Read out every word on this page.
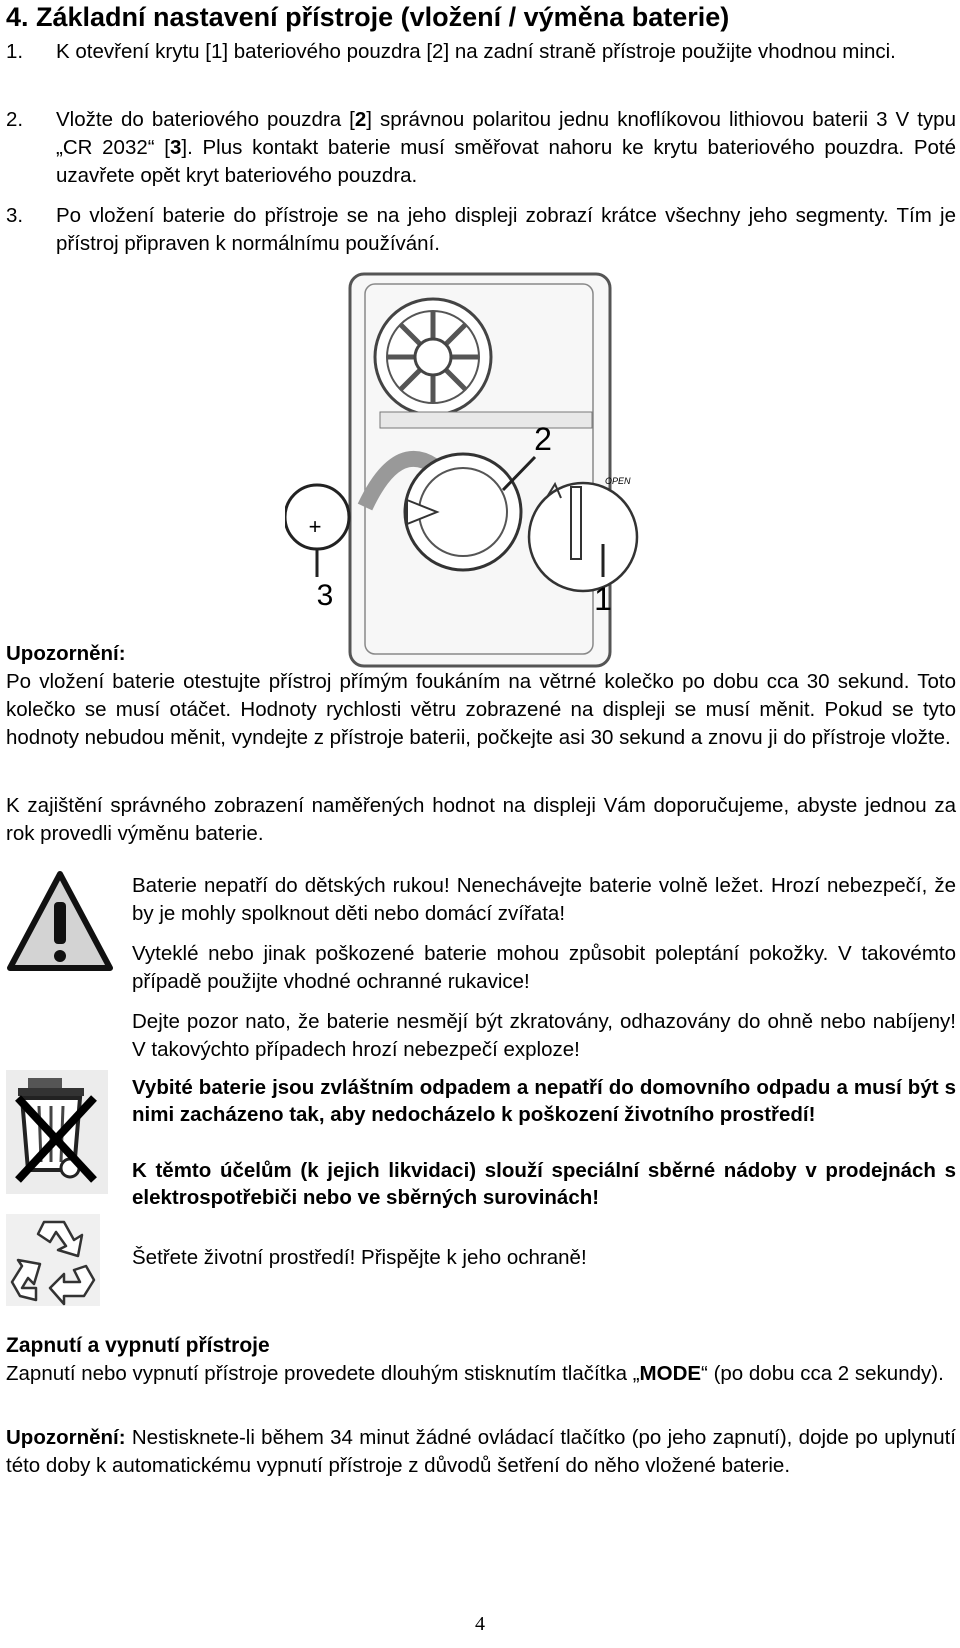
4. Základní nastavení přístroje (vložení / výměna baterie)
1. K otevření krytu [1] bateriového pouzdra [2] na zadní straně přístroje použijte vhodnou minci.
2. Vložte do bateriového pouzdra [2] správnou polaritou jednu knoflíkovou lithiovou baterii 3 V typu „CR 2032“ [3]. Plus kontakt baterie musí směřovat nahoru ke krytu bateriového pouzdra. Poté uzavřete opět kryt bateriového pouzdra.
3. Po vložení baterie do přístroje se na jeho displeji zobrazí krátce všechny jeho segmenty. Tím je přístroj připraven k normálnímu používání.
+
3
OPEN
2
1
Upozornění:
Po vložení baterie otestujte přístroj přímým foukáním na větrné kolečko po dobu cca 30 sekund. Toto kolečko se musí otáčet. Hodnoty rychlosti větru zobrazené na displeji se musí měnit. Pokud se tyto hodnoty nebudou měnit, vyndejte z přístroje baterii, počkejte asi 30 sekund a znovu ji do přístroje vložte.
K zajištění správného zobrazení naměřených hodnot na displeji Vám doporučujeme, abyste jednou za rok provedli výměnu baterie.
Baterie nepatří do dětských rukou! Nenechávejte baterie volně ležet. Hrozí nebezpečí, že by je mohly spolknout děti nebo domácí zvířata!
Vyteklé nebo jinak poškozené baterie mohou způsobit poleptání pokožky. V takovémto případě použijte vhodné ochranné rukavice!
Dejte pozor nato, že baterie nesmějí být zkratovány, odhazovány do ohně nebo nabíjeny! V takovýchto případech hrozí nebezpečí exploze!
Vybité baterie jsou zvláštním odpadem a nepatří do domovního odpadu a musí být s nimi zacházeno tak, aby nedocházelo k poškození životního prostředí!
K těmto účelům (k jejich likvidaci) slouží speciální sběrné nádoby v prodejnách s elektrospotřebiči nebo ve sběrných surovinách!
Šetřete životní prostředí! Přispějte k jeho ochraně!
Zapnutí a vypnutí přístroje
Zapnutí nebo vypnutí přístroje provedete dlouhým stisknutím tlačítka „MODE“ (po dobu cca 2 sekundy).
Upozornění: Nestisknete-li během 34 minut žádné ovládací tlačítko (po jeho zapnutí), dojde po uplynutí této doby k automatickému vypnutí přístroje z důvodů šetření do něho vložené baterie.
4
